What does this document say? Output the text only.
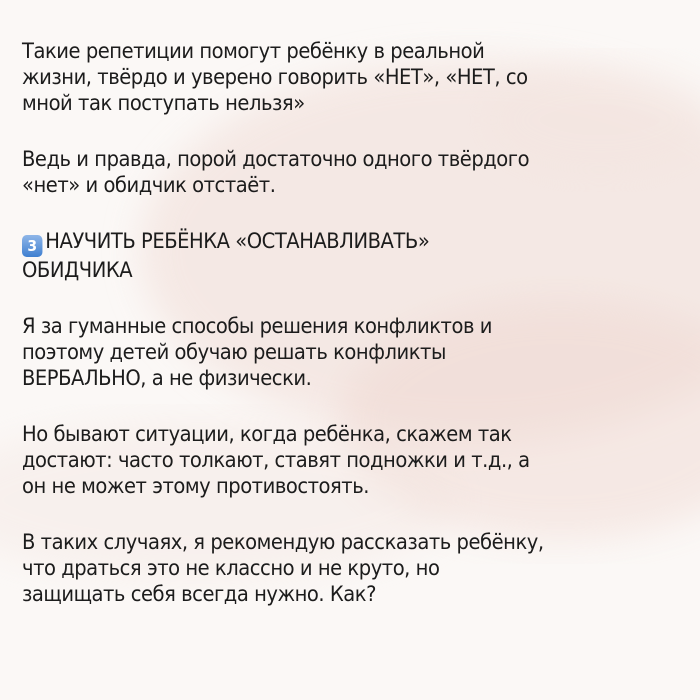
Такие репетиции помогут ребёнку в реальной
жизни, твёрдо и уверено говорить «НЕТ», «НЕТ, со
мной так поступать нельзя»

Ведь и правда, порой достаточно одного твёрдого
«нет» и обидчик отстаёт.

3 НАУЧИТЬ РЕБЁНКА «ОСТАНАВЛИВАТЬ»
ОБИДЧИКА

Я за гуманные способы решения конфликтов и
поэтому детей обучаю решать конфликты
ВЕРБАЛЬНО, а не физически.

Но бывают ситуации, когда ребёнка, скажем так
достают: часто толкают, ставят подножки и т.д., а
он не может этому противостоять.

В таких случаях, я рекомендую рассказать ребёнку,
что драться это не классно и не круто, но
защищать себя всегда нужно. Как?
